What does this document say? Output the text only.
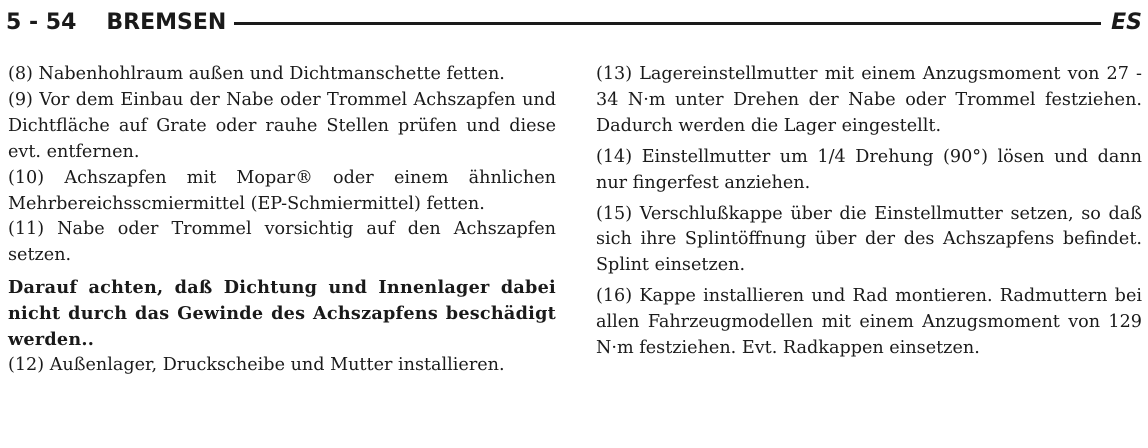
5 - 54 BREMSEN	ES

(8) Nabenhohlraum außen und Dichtmanschette fetten.

(9) Vor dem Einbau der Nabe oder Trommel Achszapfen und Dichtfläche auf Grate oder rauhe Stellen prüfen und diese evt. entfernen.

(10) Achszapfen mit Mopar® oder einem ähnlichen Mehrbereichsscmiermittel (EP-Schmiermittel) fetten.

(11) Nabe oder Trommel vorsichtig auf den Achszapfen setzen.

Darauf achten, daß Dichtung und Innenlager dabei nicht durch das Gewinde des Achszapfens beschädigt werden..

(12) Außenlager, Druckscheibe und Mutter installieren.

(13) Lagereinstellmutter mit einem Anzugsmoment von 27 - 34 N·m unter Drehen der Nabe oder Trommel festziehen. Dadurch werden die Lager eingestellt.

(14) Einstellmutter um 1/4 Drehung (90°) lösen und dann nur fingerfest anziehen.

(15) Verschlußkappe über die Einstellmutter setzen, so daß sich ihre Splintöffnung über der des Achszapfens befindet. Splint einsetzen.

(16) Kappe installieren und Rad montieren. Radmuttern bei allen Fahrzeugmodellen mit einem Anzugsmoment von 129 N·m festziehen. Evt. Radkappen einsetzen.
